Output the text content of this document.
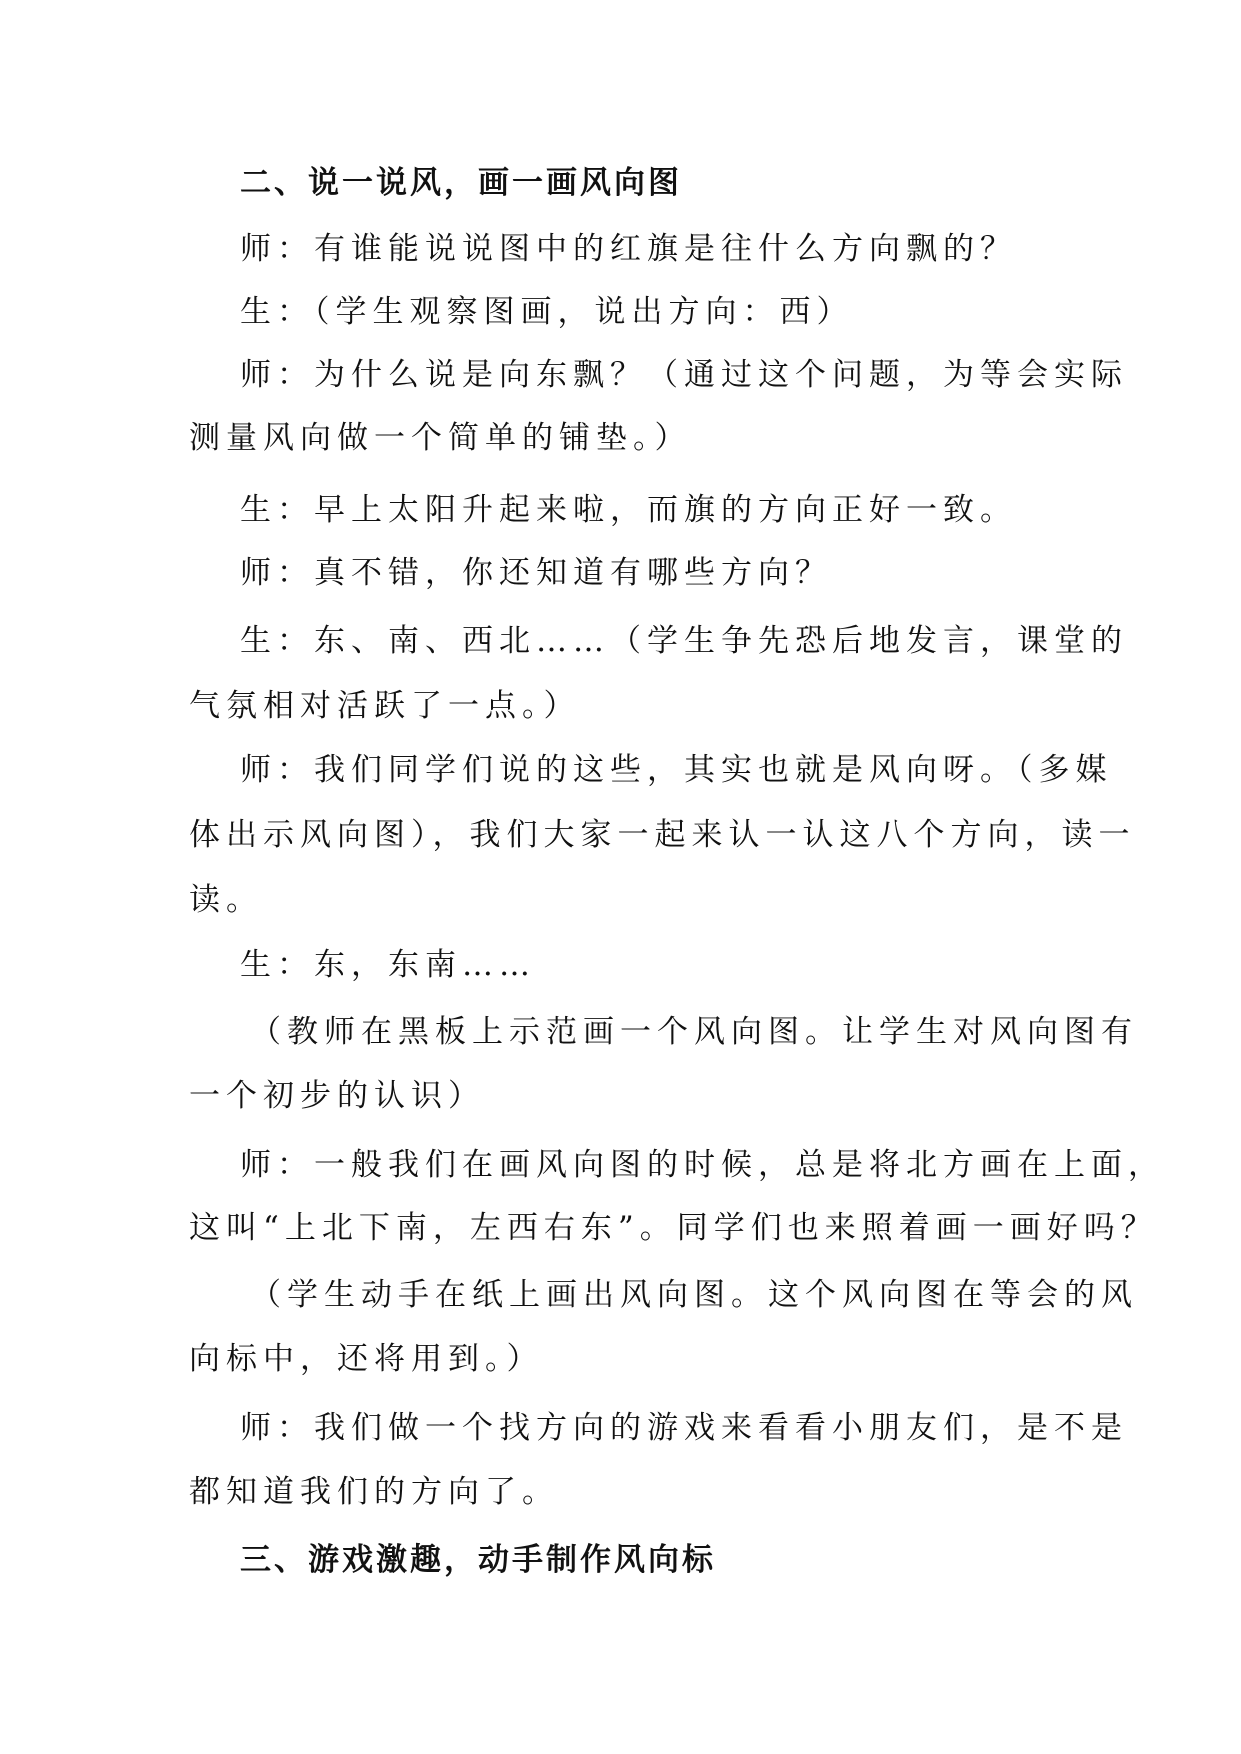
二、说一说风，画一画风向图
师：有谁能说说图中的红旗是往什么方向飘的？
生：（学生观察图画，说出方向：西）
师：为什么说是向东飘？（通过这个问题，为等会实际
测量风向做一个简单的铺垫。）
生：早上太阳升起来啦，而旗的方向正好一致。
师：真不错，你还知道有哪些方向？
生：东、南、西北……（学生争先恐后地发言，课堂的
气氛相对活跃了一点。）
师：我们同学们说的这些，其实也就是风向呀。（多媒
体出示风向图），我们大家一起来认一认这八个方向，读一
读。
生：东，东南……
（教师在黑板上示范画一个风向图。让学生对风向图有
一个初步的认识）
师：一般我们在画风向图的时候，总是将北方画在上面，
这叫“上北下南，左西右东”。同学们也来照着画一画好吗？
（学生动手在纸上画出风向图。这个风向图在等会的风
向标中，还将用到。）
师：我们做一个找方向的游戏来看看小朋友们，是不是
都知道我们的方向了。
三、游戏激趣，动手制作风向标
